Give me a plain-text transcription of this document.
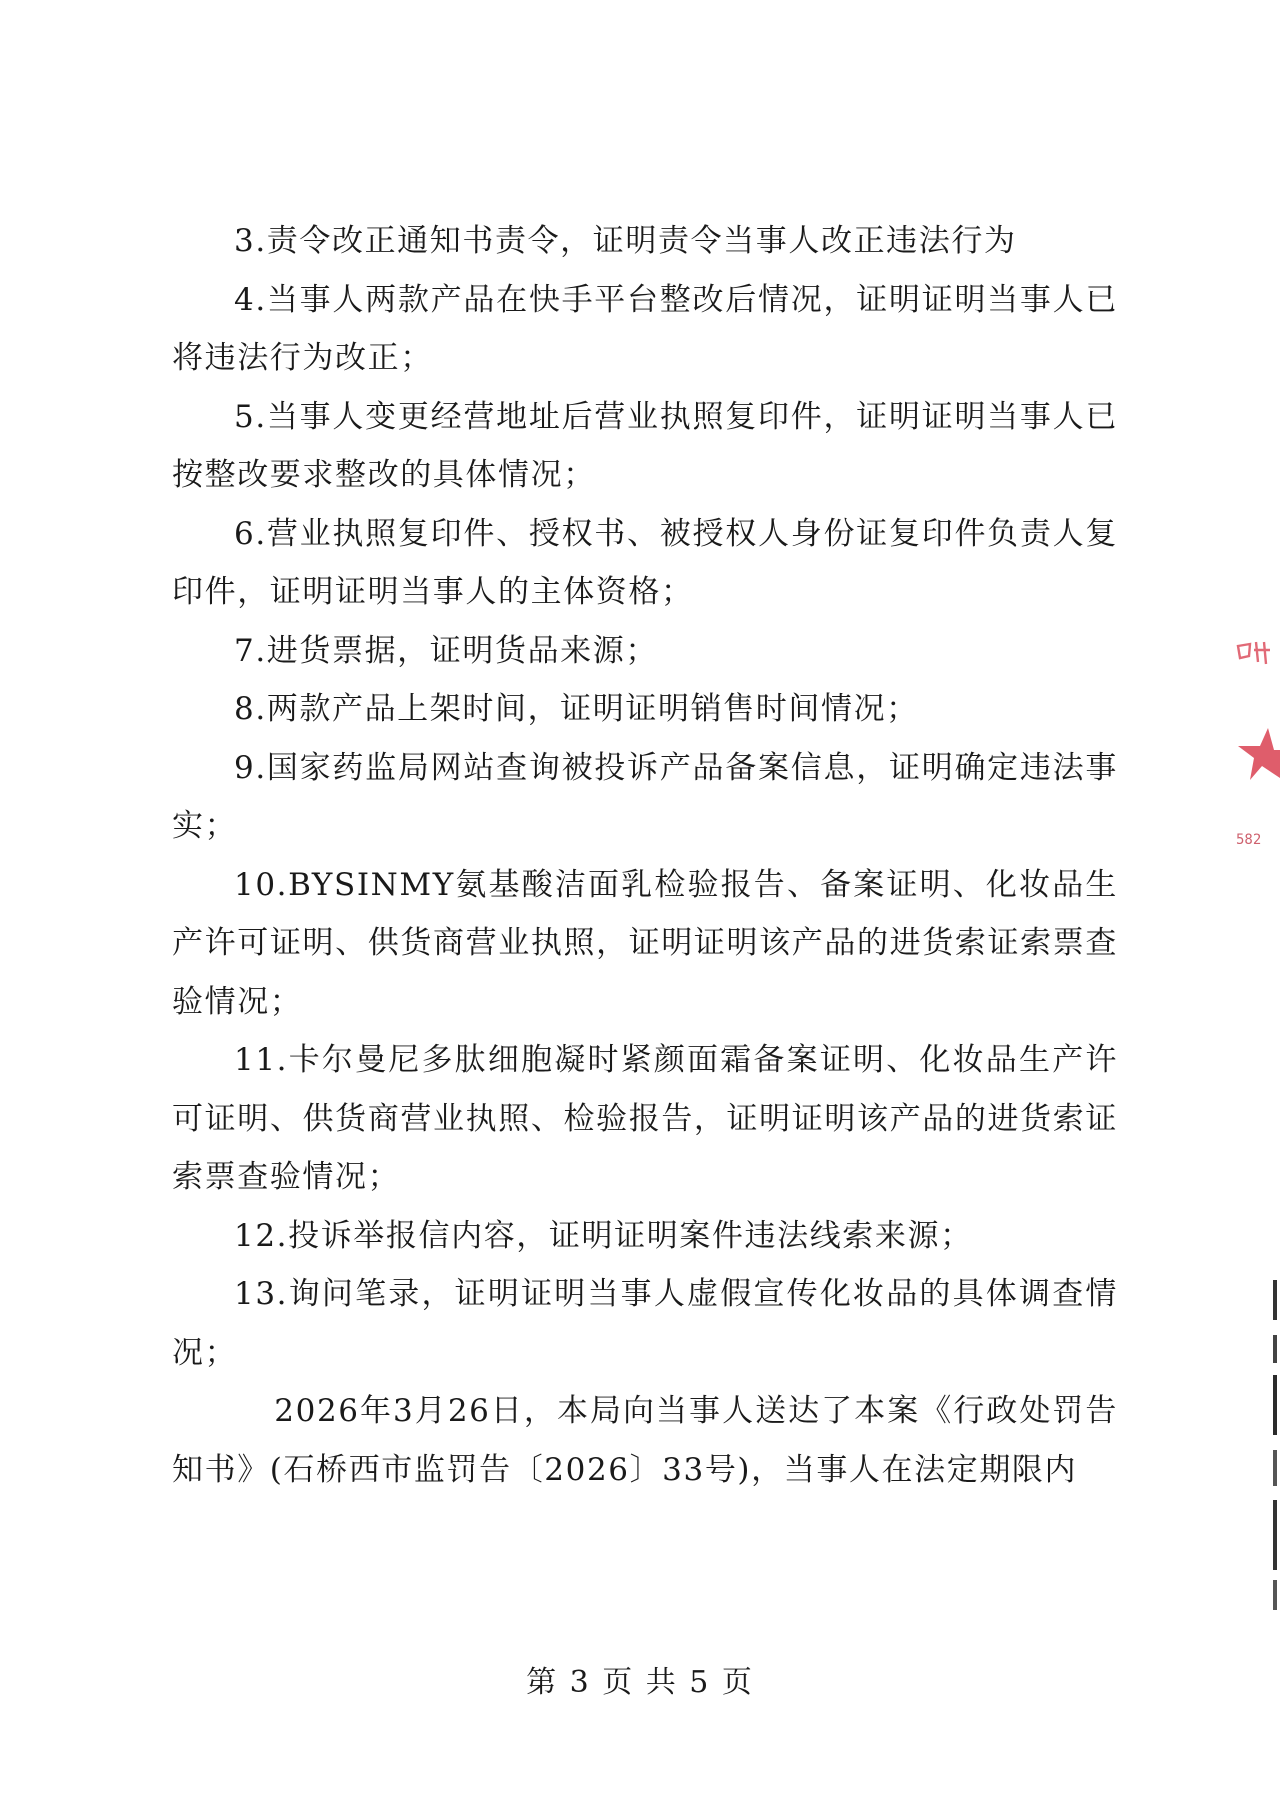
3.责令改正通知书责令，证明责令当事人改正违法行为

4.当事人两款产品在快手平台整改后情况，证明证明当事人已将违法行为改正；

5.当事人变更经营地址后营业执照复印件，证明证明当事人已按整改要求整改的具体情况；

6.营业执照复印件、授权书、被授权人身份证复印件负责人复印件，证明证明当事人的主体资格；

7.进货票据，证明货品来源；

8.两款产品上架时间，证明证明销售时间情况；

9.国家药监局网站查询被投诉产品备案信息，证明确定违法事实；

10.BYSINMY氨基酸洁面乳检验报告、备案证明、化妆品生产许可证明、供货商营业执照，证明证明该产品的进货索证索票查验情况；

11.卡尔曼尼多肽细胞凝时紧颜面霜备案证明、化妆品生产许可证明、供货商营业执照、检验报告，证明证明该产品的进货索证索票查验情况；

12.投诉举报信内容，证明证明案件违法线索来源；

13.询问笔录，证明证明当事人虚假宣传化妆品的具体调查情况；

2026年3月26日，本局向当事人送达了本案《行政处罚告知书》(石桥西市监罚告〔2026〕33号)，当事人在法定期限内

582
第 3 页 共 5 页
